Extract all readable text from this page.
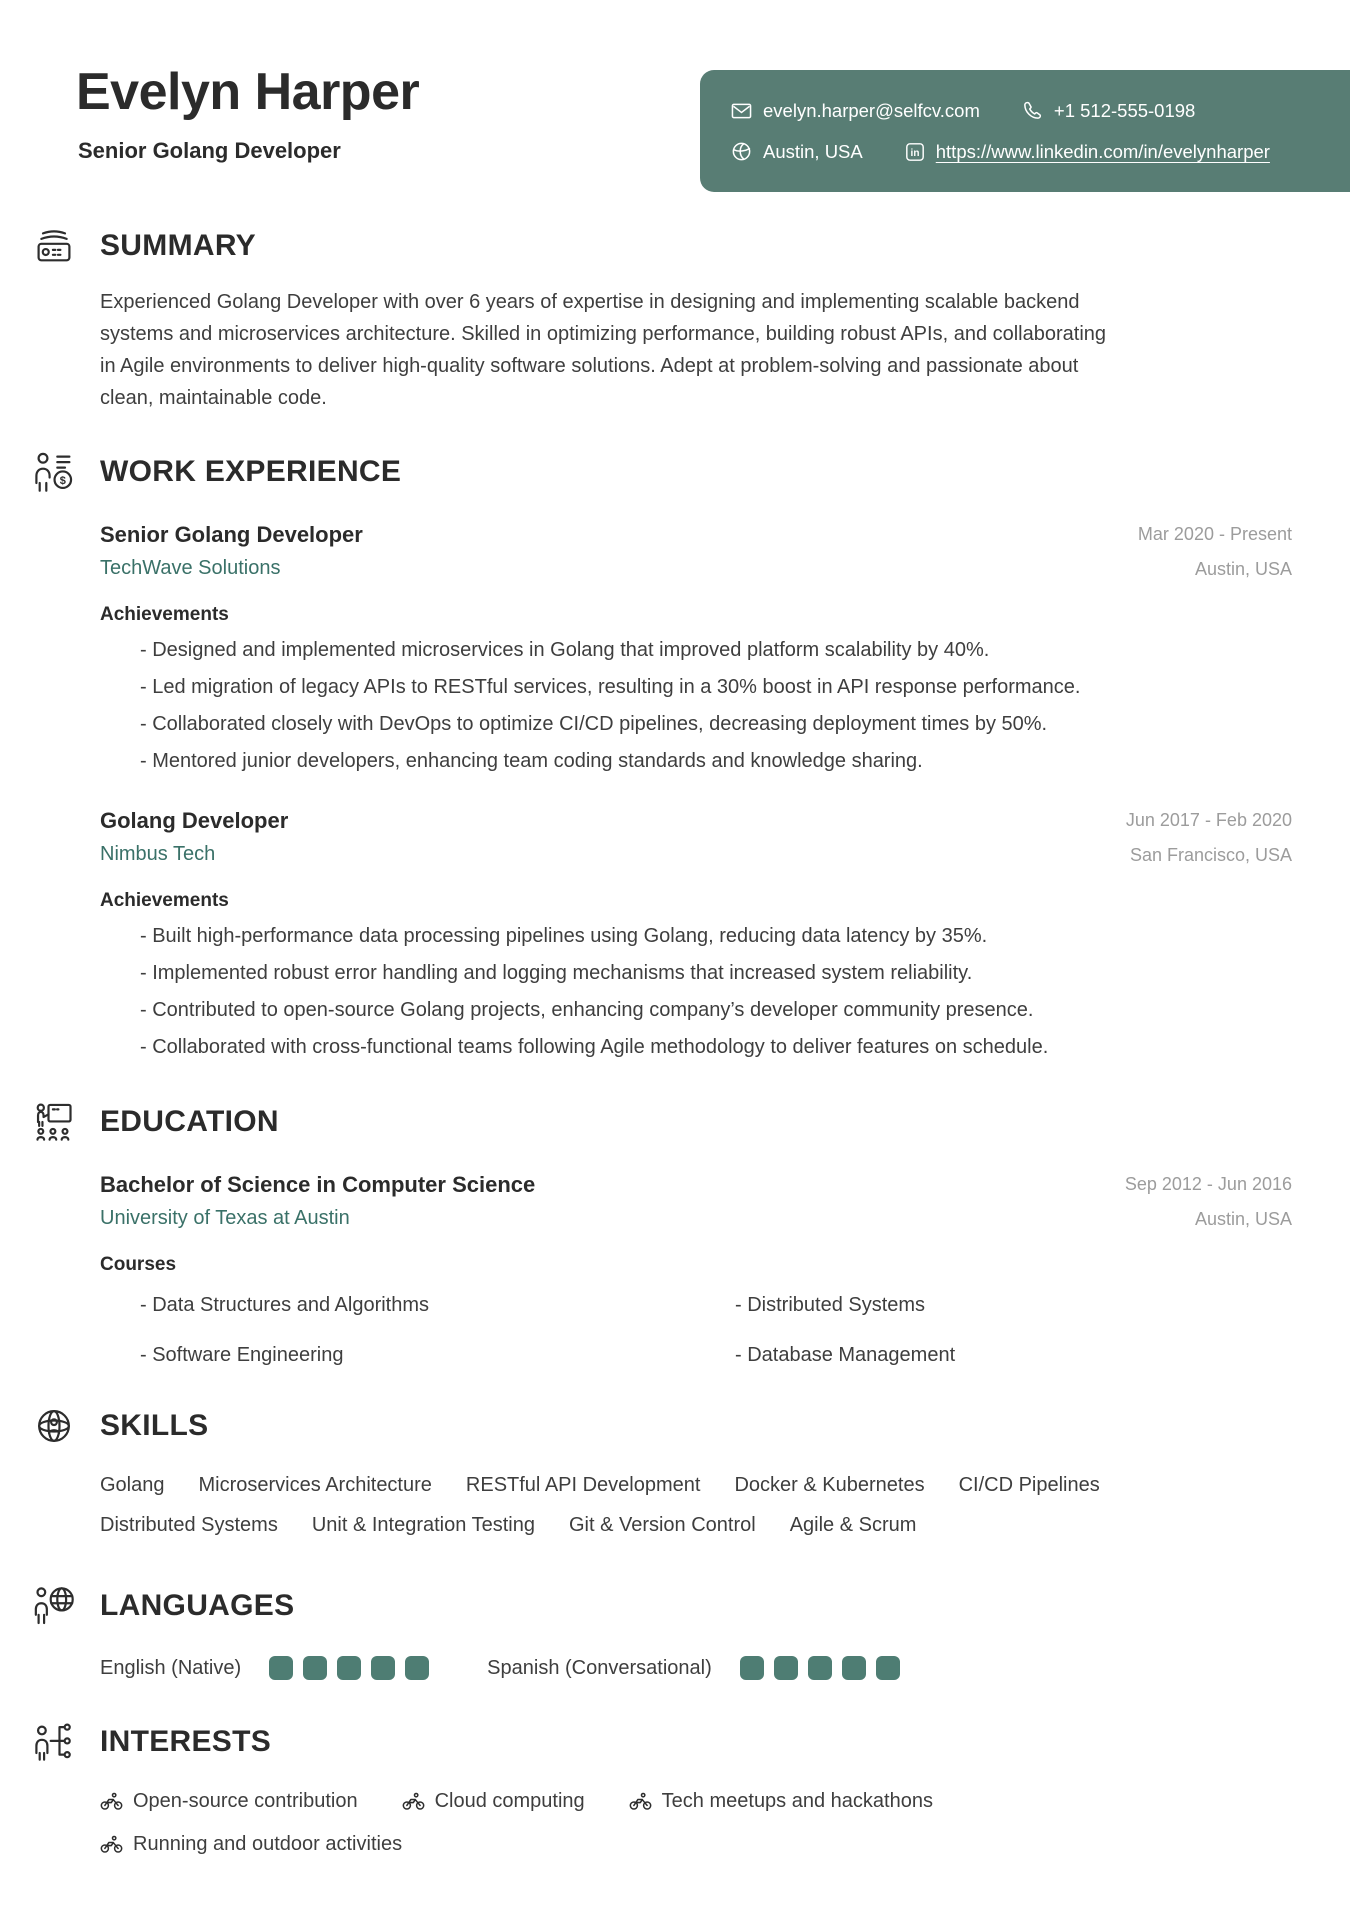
Evelyn Harper
Senior Golang Developer
evelyn.harper@selfcv.com	+1 512-555-0198
Austin, USA	in https://www.linkedin.com/in/evelynharper
SUMMARY

Experienced Golang Developer with over 6 years of expertise in designing and implementing scalable backend systems and microservices architecture. Skilled in optimizing performance, building robust APIs, and collaborating in Agile environments to deliver high-quality software solutions. Adept at problem-solving and passionate about clean, maintainable code.

$ WORK EXPERIENCE
Senior Golang Developer
TechWave Solutions
Mar 2020 - Present
Austin, USA
Achievements
- Designed and implemented microservices in Golang that improved platform scalability by 40%.
- Led migration of legacy APIs to RESTful services, resulting in a 30% boost in API response performance.
- Collaborated closely with DevOps to optimize CI/CD pipelines, decreasing deployment times by 50%.
- Mentored junior developers, enhancing team coding standards and knowledge sharing.
Golang Developer
Nimbus Tech
Jun 2017 - Feb 2020
San Francisco, USA
Achievements
- Built high-performance data processing pipelines using Golang, reducing data latency by 35%.
- Implemented robust error handling and logging mechanisms that increased system reliability.
- Contributed to open-source Golang projects, enhancing company’s developer community presence.
- Collaborated with cross-functional teams following Agile methodology to deliver features on schedule.
EDUCATION
Bachelor of Science in Computer Science
University of Texas at Austin
Sep 2012 - Jun 2016
Austin, USA
Courses
- Data Structures and Algorithms	- Distributed Systems
- Software Engineering	- Database Management
SKILLS
Golang Microservices Architecture RESTful API Development Docker & Kubernetes CI/CD Pipelines
Distributed Systems Unit & Integration Testing Git & Version Control Agile & Scrum
LANGUAGES
English (Native)	Spanish (Conversational)
INTERESTS
Open-source contribution	Cloud computing	Tech meetups and hackathons
Running and outdoor activities
